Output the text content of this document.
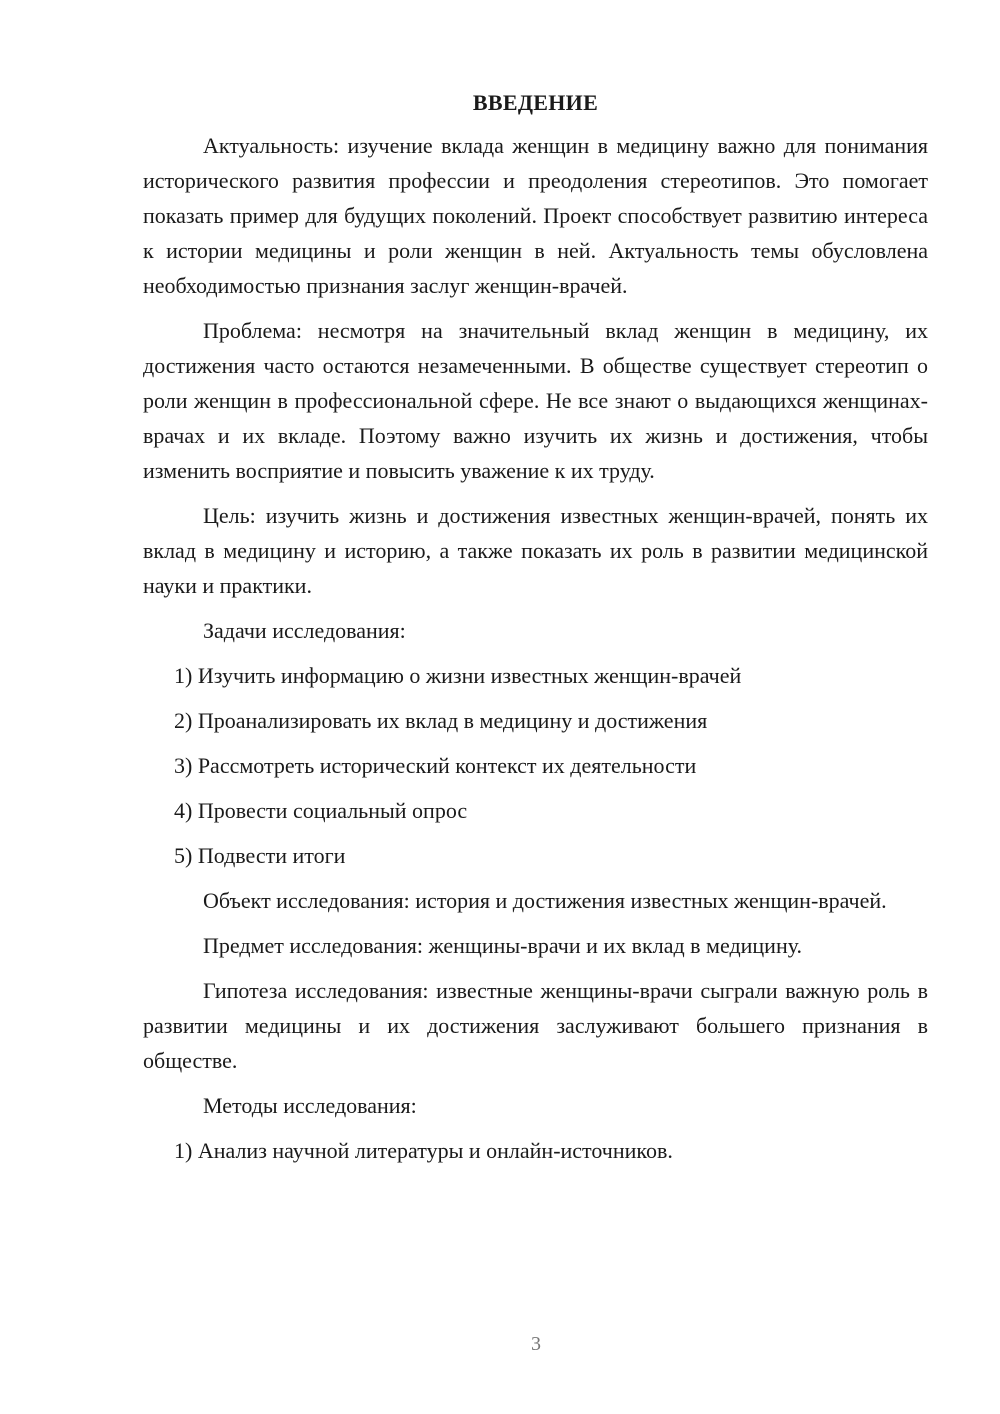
ВВЕДЕНИЕ

Актуальность: изучение вклада женщин в медицину важно для понимания исторического развития профессии и преодоления стереотипов. Это помогает показать пример для будущих поколений. Проект способствует развитию интереса к истории медицины и роли женщин в ней. Актуальность темы обусловлена необходимостью признания заслуг женщин-врачей.

Проблема: несмотря на значительный вклад женщин в медицину, их достижения часто остаются незамеченными. В обществе существует стереотип о роли женщин в профессиональной сфере. Не все знают о выдающихся женщинах-врачах и их вкладе. Поэтому важно изучить их жизнь и достижения, чтобы изменить восприятие и повысить уважение к их труду.

Цель: изучить жизнь и достижения известных женщин-врачей, понять их вклад в медицину и историю, а также показать их роль в развитии медицинской науки и практики.

Задачи исследования:

1) Изучить информацию о жизни известных женщин-врачей

2) Проанализировать их вклад в медицину и достижения

3) Рассмотреть исторический контекст их деятельности

4) Провести социальный опрос

5) Подвести итоги

Объект исследования: история и достижения известных женщин-врачей.

Предмет исследования: женщины-врачи и их вклад в медицину.

Гипотеза исследования: известные женщины-врачи сыграли важную роль в развитии медицины и их достижения заслуживают большего признания в обществе.

Методы исследования:

1) Анализ научной литературы и онлайн-источников.

3
